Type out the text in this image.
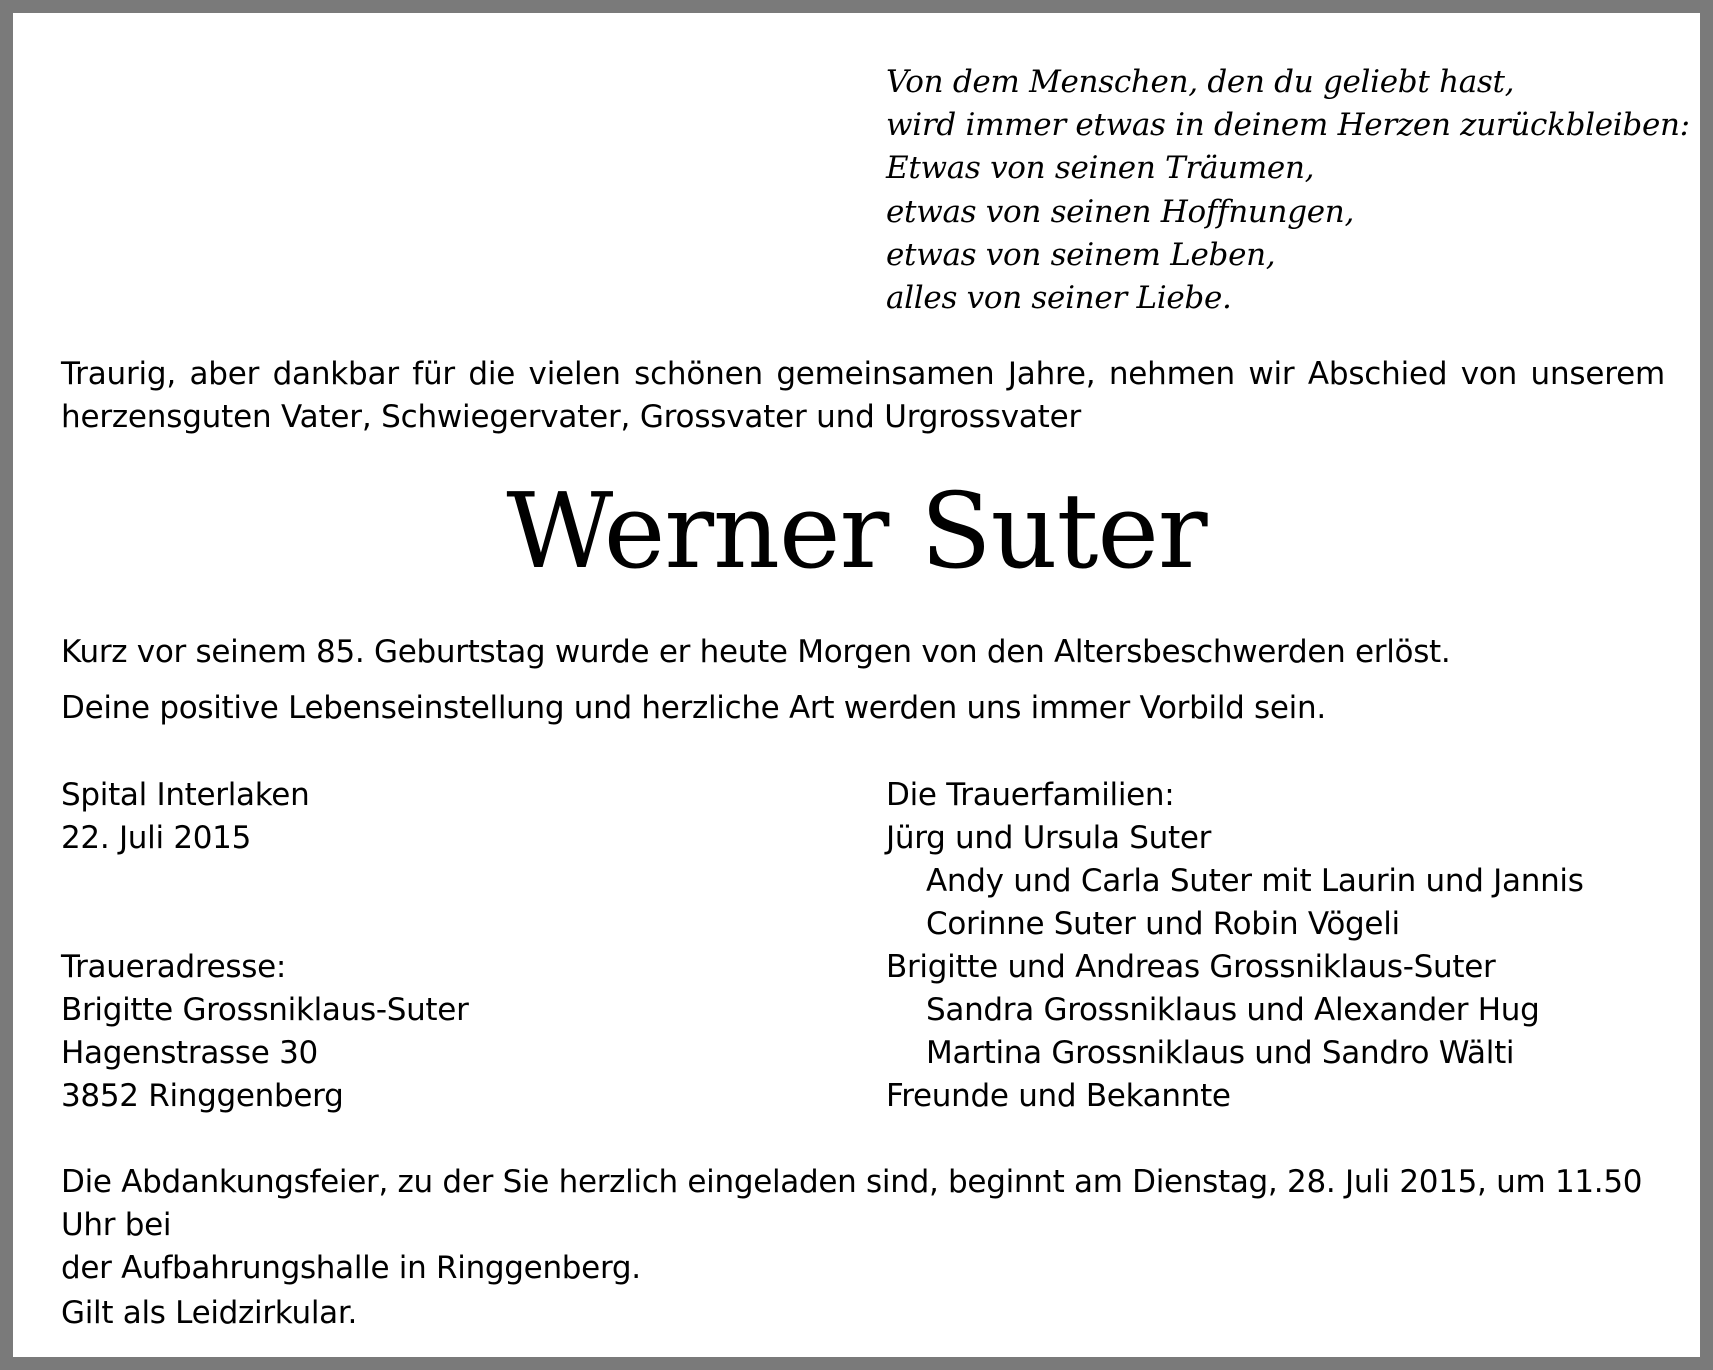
Von dem Menschen, den du geliebt hast,
wird immer etwas in deinem Herzen zurückbleiben:
Etwas von seinen Träumen,
etwas von seinen Hoffnungen,
etwas von seinem Leben,
alles von seiner Liebe.
Traurig, aber dankbar für die vielen schönen gemeinsamen Jahre, nehmen wir Abschied von unserem
herzensguten Vater, Schwiegervater, Grossvater und Urgrossvater
Werner Suter
Kurz vor seinem 85. Geburtstag wurde er heute Morgen von den Altersbeschwerden erlöst.
Deine positive Lebenseinstellung und herzliche Art werden uns immer Vorbild sein.
Spital Interlaken
22. Juli 2015
Traueradresse:
Brigitte Grossniklaus-Suter
Hagenstrasse 30
3852 Ringgenberg
Die Trauerfamilien:
Jürg und Ursula Suter
Andy und Carla Suter mit Laurin und Jannis
Corinne Suter und Robin Vögeli
Brigitte und Andreas Grossniklaus-Suter
Sandra Grossniklaus und Alexander Hug
Martina Grossniklaus und Sandro Wälti
Freunde und Bekannte
Die Abdankungsfeier, zu der Sie herzlich eingeladen sind, beginnt am Dienstag, 28. Juli 2015, um 11.50 Uhr bei
der Aufbahrungshalle in Ringgenberg.
Gilt als Leidzirkular.
